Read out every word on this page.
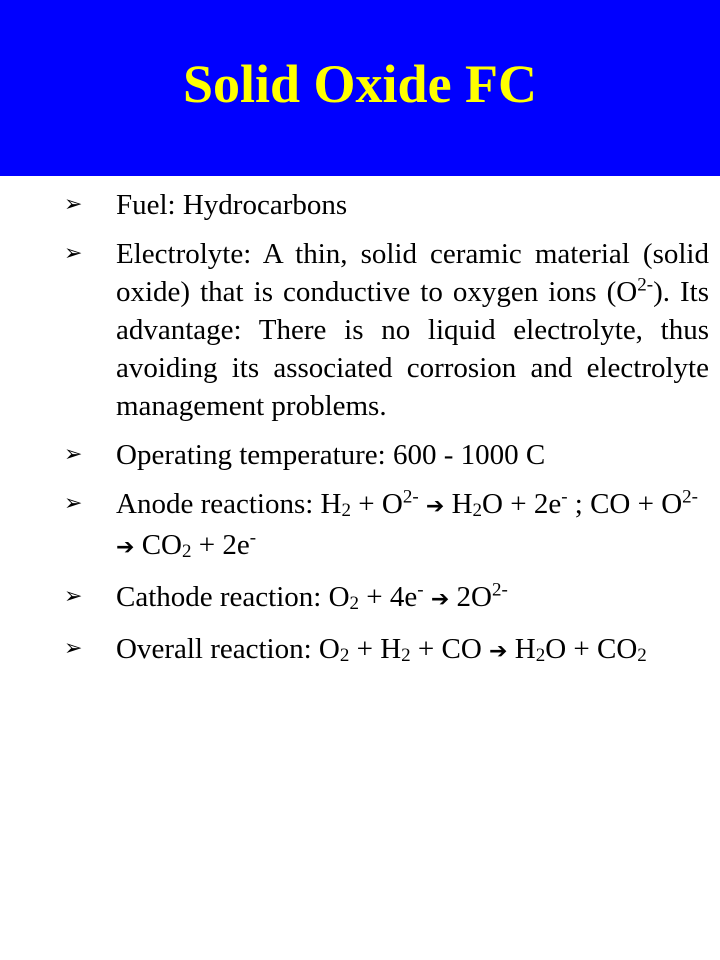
Solid Oxide FC
➢ Fuel: Hydrocarbons
➢ Electrolyte: A thin, solid ceramic material (solid oxide) that is conductive to oxygen ions $(O^{2-})$. Its advantage: There is no liquid electrolyte, thus avoiding its associated corrosion and electrolyte management problems.
➢ Operating temperature: 600 - 1000 C
➢ Anode reactions: $H_2 + O^{2-}$ ➔ $H_2O + 2e^-$ ; CO + $O^{2-}$ ➔ $CO_2 + 2e^-$
➢ Cathode reaction: $O_2 + 4e^-$ ➔ $2O^{2-}$
➢ Overall reaction: $O_2 + H_2$ + CO ➔ $H_2O + CO_2$
